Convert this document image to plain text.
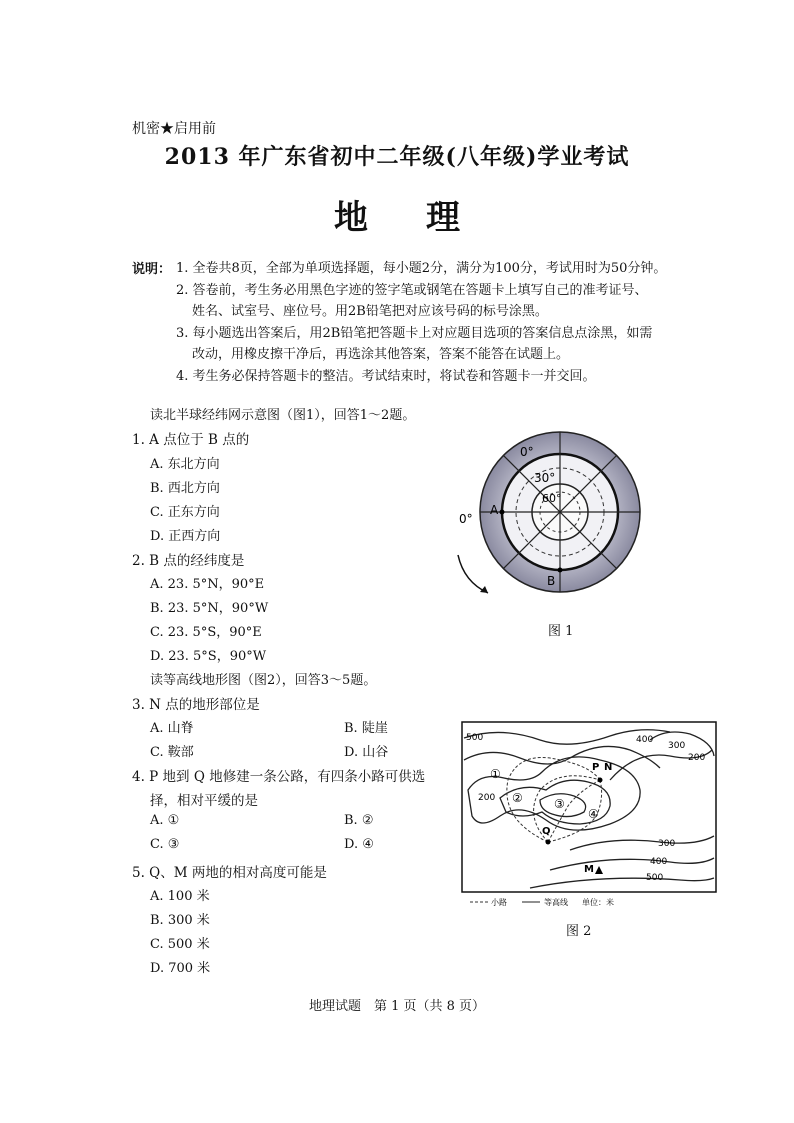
机密★启用前
2013 年广东省初中二年级(八年级)学业考试
地理
说明： 1. 全卷共8页，全部为单项选择题，每小题2分，满分为100分，考试用时为50分钟。
2. 答卷前，考生务必用黑色字迹的签字笔或钢笔在答题卡上填写自己的准考证号、
姓名、试室号、座位号。用2B铅笔把对应该号码的标号涂黑。
3. 每小题选出答案后，用2B铅笔把答题卡上对应题目选项的答案信息点涂黑，如需
改动，用橡皮擦干净后，再选涂其他答案，答案不能答在试题上。
4. 考生务必保持答题卡的整洁。考试结束时，将试卷和答题卡一并交回。
读北半球经纬网示意图（图1），回答1～2题。
1. A 点位于 B 点的
A. 东北方向
B. 西北方向
C. 正东方向
D. 正西方向
2. B 点的经纬度是
A. 23. 5°N，90°E
B. 23. 5°N，90°W
C. 23. 5°S，90°E
D. 23. 5°S，90°W
0°
30°
60°
0°
A
B
图 1
读等高线地形图（图2），回答3～5题。
3. N 点的地形部位是
A. 山脊	B. 陡崖
C. 鞍部	D. 山谷
4. P 地到 Q 地修建一条公路，有四条小路可供选
择，相对平缓的是
A. ①	B. ②
C. ③	D. ④
5. Q、M 两地的相对高度可能是
A. 100 米
B. 300 米
C. 500 米
D. 700 米
500	400
300
200
200
300
400
500
P N
Q
M
①
②	③
④
小路	等高线 单位：米
图 2
地理试题　第 1 页（共 8 页）
